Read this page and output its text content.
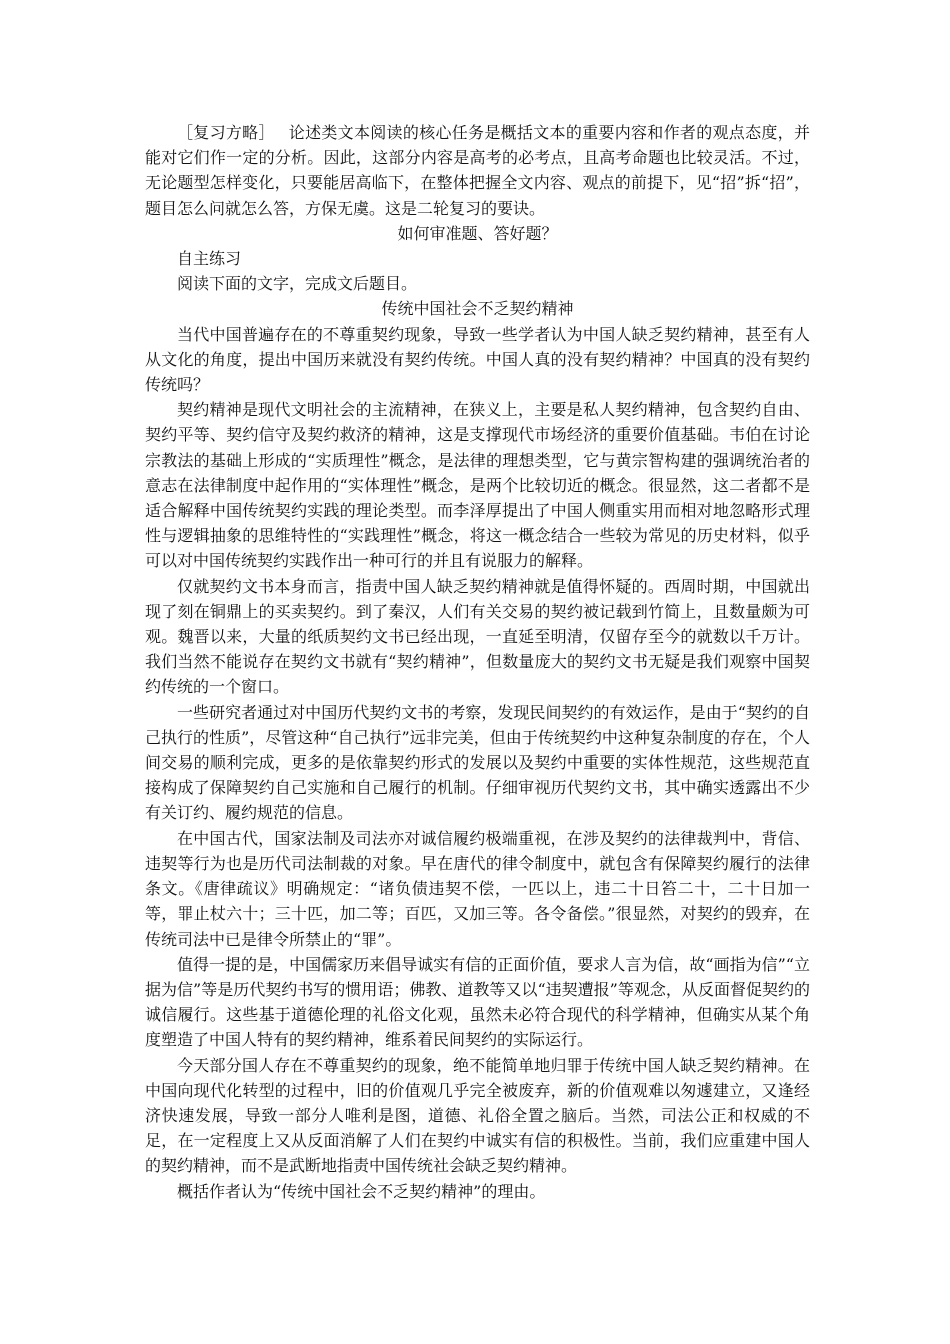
［复习方略］ 论述类文本阅读的核心任务是概括文本的重要内容和作者的观点态度，并能对它们作一定的分析。因此，这部分内容是高考的必考点，且高考命题也比较灵活。不过，无论题型怎样变化，只要能居高临下，在整体把握全文内容、观点的前提下，见“招”拆“招”，题目怎么问就怎么答，方保无虞。这是二轮复习的要诀。

如何审准题、答好题？

自主练习

阅读下面的文字，完成文后题目。

传统中国社会不乏契约精神

当代中国普遍存在的不尊重契约现象，导致一些学者认为中国人缺乏契约精神，甚至有人从文化的角度，提出中国历来就没有契约传统。中国人真的没有契约精神？中国真的没有契约传统吗？

契约精神是现代文明社会的主流精神，在狭义上，主要是私人契约精神，包含契约自由、契约平等、契约信守及契约救济的精神，这是支撑现代市场经济的重要价值基础。韦伯在讨论宗教法的基础上形成的“实质理性”概念，是法律的理想类型，它与黄宗智构建的强调统治者的意志在法律制度中起作用的“实体理性”概念，是两个比较切近的概念。很显然，这二者都不是适合解释中国传统契约实践的理论类型。而李泽厚提出了中国人侧重实用而相对地忽略形式理性与逻辑抽象的思维特性的“实践理性”概念，将这一概念结合一些较为常见的历史材料，似乎可以对中国传统契约实践作出一种可行的并且有说服力的解释。

仅就契约文书本身而言，指责中国人缺乏契约精神就是值得怀疑的。西周时期，中国就出现了刻在铜鼎上的买卖契约。到了秦汉，人们有关交易的契约被记载到竹简上，且数量颇为可观。魏晋以来，大量的纸质契约文书已经出现，一直延至明清，仅留存至今的就数以千万计。我们当然不能说存在契约文书就有“契约精神”，但数量庞大的契约文书无疑是我们观察中国契约传统的一个窗口。

一些研究者通过对中国历代契约文书的考察，发现民间契约的有效运作，是由于“契约的自己执行的性质”，尽管这种“自己执行”远非完美，但由于传统契约中这种复杂制度的存在，个人间交易的顺利完成，更多的是依靠契约形式的发展以及契约中重要的实体性规范，这些规范直接构成了保障契约自己实施和自己履行的机制。仔细审视历代契约文书，其中确实透露出不少有关订约、履约规范的信息。

在中国古代，国家法制及司法亦对诚信履约极端重视，在涉及契约的法律裁判中，背信、违契等行为也是历代司法制裁的对象。早在唐代的律令制度中，就包含有保障契约履行的法律条文。《唐律疏议》明确规定：“诸负债违契不偿，一匹以上，违二十日笞二十，二十日加一等，罪止杖六十；三十匹，加二等；百匹，又加三等。各令备偿。”很显然，对契约的毁弃，在传统司法中已是律令所禁止的“罪”。

值得一提的是，中国儒家历来倡导诚实有信的正面价值，要求人言为信，故“画指为信”“立据为信”等是历代契约书写的惯用语；佛教、道教等又以“违契遭报”等观念，从反面督促契约的诚信履行。这些基于道德伦理的礼俗文化观，虽然未必符合现代的科学精神，但确实从某个角度塑造了中国人特有的契约精神，维系着民间契约的实际运行。

今天部分国人存在不尊重契约的现象，绝不能简单地归罪于传统中国人缺乏契约精神。在中国向现代化转型的过程中，旧的价值观几乎完全被废弃，新的价值观难以匆遽建立，又逢经济快速发展，导致一部分人唯利是图，道德、礼俗全置之脑后。当然，司法公正和权威的不足，在一定程度上又从反面消解了人们在契约中诚实有信的积极性。当前，我们应重建中国人的契约精神，而不是武断地指责中国传统社会缺乏契约精神。

概括作者认为“传统中国社会不乏契约精神”的理由。
